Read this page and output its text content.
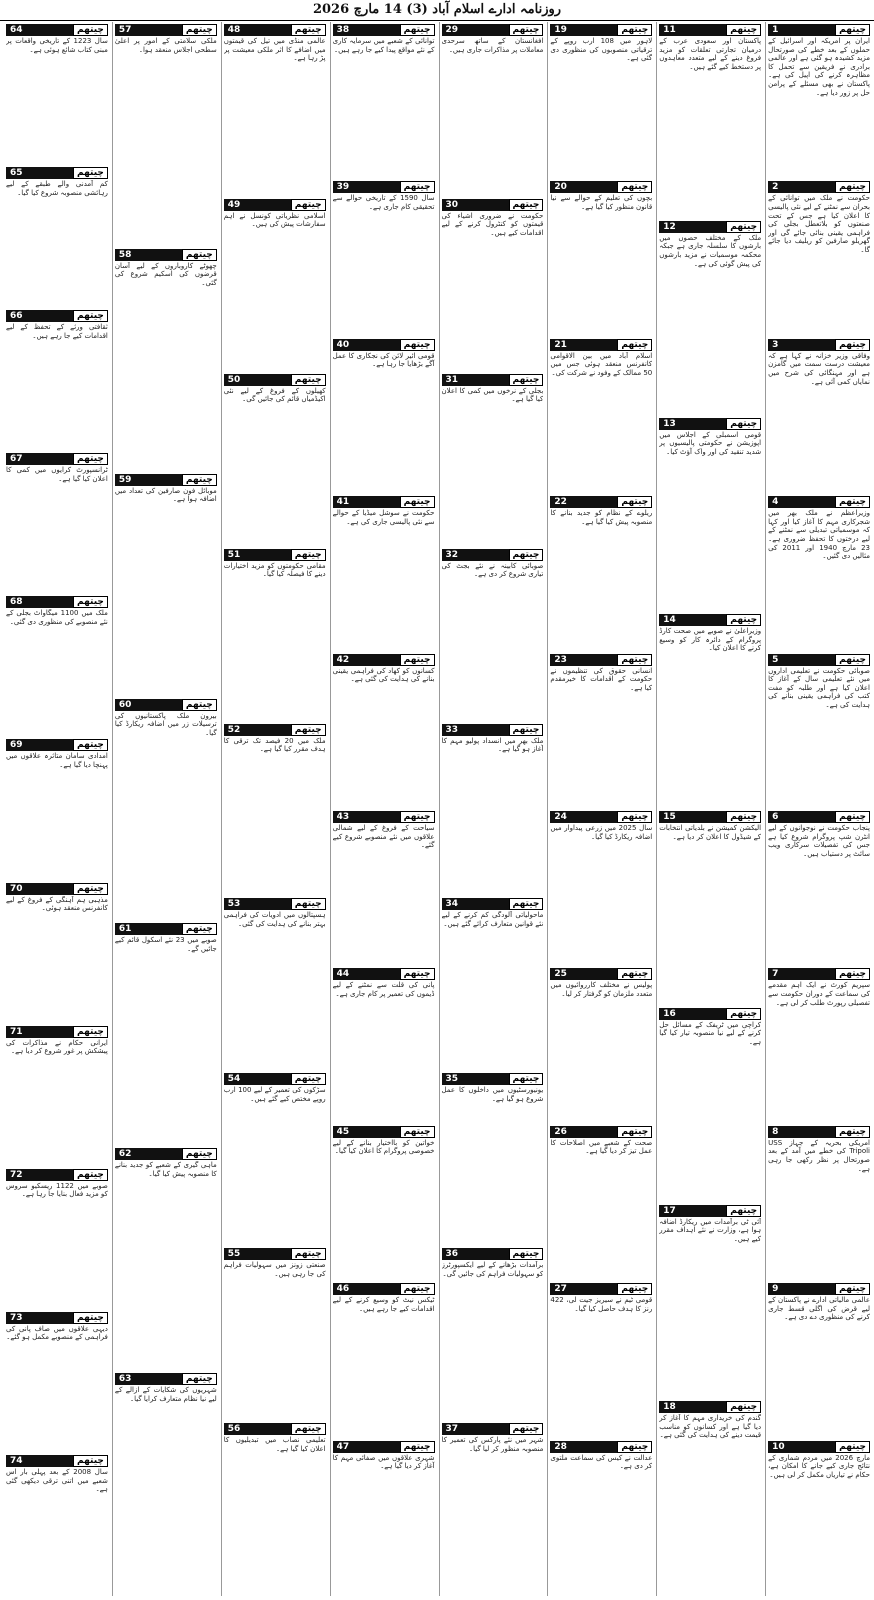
روزنامہ ادارے اسلام آباد (3) 14 مارچ 2026
چیتھم
1
ایران پر امریکہ اور اسرائیل کے حملوں کے بعد خطے کی صورتحال مزید کشیدہ ہو گئی ہے اور عالمی برادری نے فریقین سے تحمل کا مظاہرہ کرنے کی اپیل کی ہے۔ پاکستان نے بھی مسئلے کے پرامن حل پر زور دیا ہے۔
چیتھم
2
حکومت نے ملک میں توانائی کے بحران سے نمٹنے کے لیے نئی پالیسی کا اعلان کیا ہے جس کے تحت صنعتوں کو بلاتعطل بجلی کی فراہمی یقینی بنائی جائے گی اور گھریلو صارفین کو ریلیف دیا جائے گا۔
چیتھم
3
وفاقی وزیر خزانہ نے کہا ہے کہ معیشت درست سمت میں گامزن ہے اور مہنگائی کی شرح میں نمایاں کمی آئی ہے۔
چیتھم
4
وزیراعظم نے ملک بھر میں شجرکاری مہم کا آغاز کیا اور کہا کہ موسمیاتی تبدیلی سے نمٹنے کے لیے درختوں کا تحفظ ضروری ہے۔ 23 مارچ 1940 اور 2011 کی مثالیں دی گئیں۔
چیتھم
5
صوبائی حکومت نے تعلیمی اداروں میں نئے تعلیمی سال کے آغاز کا اعلان کیا ہے اور طلبہ کو مفت کتب کی فراہمی یقینی بنانے کی ہدایت کی ہے۔
چیتھم
6
پنجاب حکومت نے نوجوانوں کے لیے انٹرن شپ پروگرام شروع کیا ہے جس کی تفصیلات سرکاری ویب سائٹ پر دستیاب ہیں۔
چیتھم
7
سپریم کورٹ نے ایک اہم مقدمے کی سماعت کے دوران حکومت سے تفصیلی رپورٹ طلب کر لی ہے۔
چیتھم
8
امریکی بحریہ کے جہاز USS Tripoli کی خطے میں آمد کے بعد صورتحال پر نظر رکھی جا رہی ہے۔
چیتھم
9
عالمی مالیاتی ادارے نے پاکستان کے لیے قرض کی اگلی قسط جاری کرنے کی منظوری دے دی ہے۔
چیتھم
10
مارچ 2026 میں مردم شماری کے نتائج جاری کیے جانے کا امکان ہے، حکام نے تیاریاں مکمل کر لی ہیں۔
چیتھم
11
پاکستان اور سعودی عرب کے درمیان تجارتی تعلقات کو مزید فروغ دینے کے لیے متعدد معاہدوں پر دستخط کیے گئے ہیں۔
چیتھم
12
ملک کے مختلف حصوں میں بارشوں کا سلسلہ جاری ہے جبکہ محکمہ موسمیات نے مزید بارشوں کی پیش گوئی کی ہے۔
چیتھم
13
قومی اسمبلی کے اجلاس میں اپوزیشن نے حکومتی پالیسیوں پر شدید تنقید کی اور واک آؤٹ کیا۔
چیتھم
14
وزیراعلیٰ نے صوبے میں صحت کارڈ پروگرام کے دائرہ کار کو وسیع کرنے کا اعلان کیا۔
چیتھم
15
الیکشن کمیشن نے بلدیاتی انتخابات کے شیڈول کا اعلان کر دیا ہے۔
چیتھم
16
کراچی میں ٹریفک کے مسائل حل کرنے کے لیے نیا منصوبہ تیار کیا گیا ہے۔
چیتھم
17
آئی ٹی برآمدات میں ریکارڈ اضافہ ہوا ہے، وزارت نے نئے اہداف مقرر کیے ہیں۔
چیتھم
18
گندم کی خریداری مہم کا آغاز کر دیا گیا ہے اور کسانوں کو مناسب قیمت دینے کی ہدایت کی گئی ہے۔
چیتھم
19
لاہور میں 108 ارب روپے کے ترقیاتی منصوبوں کی منظوری دی گئی ہے۔
چیتھم
20
بچوں کی تعلیم کے حوالے سے نیا قانون منظور کیا گیا ہے۔
چیتھم
21
اسلام آباد میں بین الاقوامی کانفرنس منعقد ہوئی جس میں 50 ممالک کے وفود نے شرکت کی۔
چیتھم
22
ریلوے کے نظام کو جدید بنانے کا منصوبہ پیش کیا گیا ہے۔
چیتھم
23
انسانی حقوق کی تنظیموں نے حکومت کے اقدامات کا خیرمقدم کیا ہے۔
چیتھم
24
سال 2025 میں زرعی پیداوار میں اضافہ ریکارڈ کیا گیا۔
چیتھم
25
پولیس نے مختلف کارروائیوں میں متعدد ملزمان کو گرفتار کر لیا۔
چیتھم
26
صحت کے شعبے میں اصلاحات کا عمل تیز کر دیا گیا ہے۔
چیتھم
27
قومی ٹیم نے سیریز جیت لی، 422 رنز کا ہدف حاصل کیا گیا۔
چیتھم
28
عدالت نے کیس کی سماعت ملتوی کر دی ہے۔
چیتھم
29
افغانستان کے ساتھ سرحدی معاملات پر مذاکرات جاری ہیں۔
چیتھم
30
حکومت نے ضروری اشیاء کی قیمتوں کو کنٹرول کرنے کے لیے اقدامات کیے ہیں۔
چیتھم
31
بجلی کے نرخوں میں کمی کا اعلان کیا گیا ہے۔
چیتھم
32
صوبائی کابینہ نے نئے بجٹ کی تیاری شروع کر دی ہے۔
چیتھم
33
ملک بھر میں انسداد پولیو مہم کا آغاز ہو گیا ہے۔
چیتھم
34
ماحولیاتی آلودگی کم کرنے کے لیے نئے قوانین متعارف کرائے گئے ہیں۔
چیتھم
35
یونیورسٹیوں میں داخلوں کا عمل شروع ہو گیا ہے۔
چیتھم
36
برآمدات بڑھانے کے لیے ایکسپورٹرز کو سہولیات فراہم کی جائیں گی۔
چیتھم
37
شہر میں نئے پارکس کی تعمیر کا منصوبہ منظور کر لیا گیا۔
چیتھم
38
توانائی کے شعبے میں سرمایہ کاری کے نئے مواقع پیدا کیے جا رہے ہیں۔
چیتھم
39
سال 1590 کے تاریخی حوالے سے تحقیقی کام جاری ہے۔
چیتھم
40
قومی ائیر لائن کی نجکاری کا عمل آگے بڑھایا جا رہا ہے۔
چیتھم
41
حکومت نے سوشل میڈیا کے حوالے سے نئی پالیسی جاری کی ہے۔
چیتھم
42
کسانوں کو کھاد کی فراہمی یقینی بنانے کی ہدایت کی گئی ہے۔
چیتھم
43
سیاحت کے فروغ کے لیے شمالی علاقوں میں نئے منصوبے شروع کیے گئے۔
چیتھم
44
پانی کی قلت سے نمٹنے کے لیے ڈیموں کی تعمیر پر کام جاری ہے۔
چیتھم
45
خواتین کو بااختیار بنانے کے لیے خصوصی پروگرام کا اعلان کیا گیا۔
چیتھم
46
ٹیکس نیٹ کو وسیع کرنے کے لیے اقدامات کیے جا رہے ہیں۔
چیتھم
47
شہری علاقوں میں صفائی مہم کا آغاز کر دیا گیا ہے۔
چیتھم
48
عالمی منڈی میں تیل کی قیمتوں میں اضافے کا اثر ملکی معیشت پر پڑ رہا ہے۔
چیتھم
49
اسلامی نظریاتی کونسل نے اہم سفارشات پیش کی ہیں۔
چیتھم
50
کھیلوں کے فروغ کے لیے نئی اکیڈمیاں قائم کی جائیں گی۔
چیتھم
51
مقامی حکومتوں کو مزید اختیارات دینے کا فیصلہ کیا گیا۔
چیتھم
52
ملک میں 20 فیصد تک ترقی کا ہدف مقرر کیا گیا ہے۔
چیتھم
53
ہسپتالوں میں ادویات کی فراہمی بہتر بنانے کی ہدایت کی گئی۔
چیتھم
54
سڑکوں کی تعمیر کے لیے 100 ارب روپے مختص کیے گئے ہیں۔
چیتھم
55
صنعتی زونز میں سہولیات فراہم کی جا رہی ہیں۔
چیتھم
56
تعلیمی نصاب میں تبدیلیوں کا اعلان کیا گیا ہے۔
چیتھم
57
ملکی سلامتی کے امور پر اعلیٰ سطحی اجلاس منعقد ہوا۔
چیتھم
58
چھوٹے کاروباروں کے لیے آسان قرضوں کی اسکیم شروع کی گئی۔
چیتھم
59
موبائل فون صارفین کی تعداد میں اضافہ ہوا ہے۔
چیتھم
60
بیرون ملک پاکستانیوں کی ترسیلات زر میں اضافہ ریکارڈ کیا گیا۔
چیتھم
61
صوبے میں 23 نئے اسکول قائم کیے جائیں گے۔
چیتھم
62
ماہی گیری کے شعبے کو جدید بنانے کا منصوبہ پیش کیا گیا۔
چیتھم
63
شہریوں کی شکایات کے ازالے کے لیے نیا نظام متعارف کرایا گیا۔
چیتھم
64
سال 1223 کے تاریخی واقعات پر مبنی کتاب شائع ہوئی ہے۔
چیتھم
65
کم آمدنی والے طبقے کے لیے رہائشی منصوبہ شروع کیا گیا۔
چیتھم
66
ثقافتی ورثے کے تحفظ کے لیے اقدامات کیے جا رہے ہیں۔
چیتھم
67
ٹرانسپورٹ کرایوں میں کمی کا اعلان کیا گیا ہے۔
چیتھم
68
ملک میں 1100 میگاواٹ بجلی کے نئے منصوبے کی منظوری دی گئی۔
چیتھم
69
امدادی سامان متاثرہ علاقوں میں پہنچا دیا گیا ہے۔
چیتھم
70
مذہبی ہم آہنگی کے فروغ کے لیے کانفرنس منعقد ہوئی۔
چیتھم
71
ایرانی حکام نے مذاکرات کی پیشکش پر غور شروع کر دیا ہے۔
چیتھم
72
صوبے میں 1122 ریسکیو سروس کو مزید فعال بنایا جا رہا ہے۔
چیتھم
73
دیہی علاقوں میں صاف پانی کی فراہمی کے منصوبے مکمل ہو گئے۔
چیتھم
74
سال 2008 کے بعد پہلی بار اس شعبے میں اتنی ترقی دیکھی گئی ہے۔
